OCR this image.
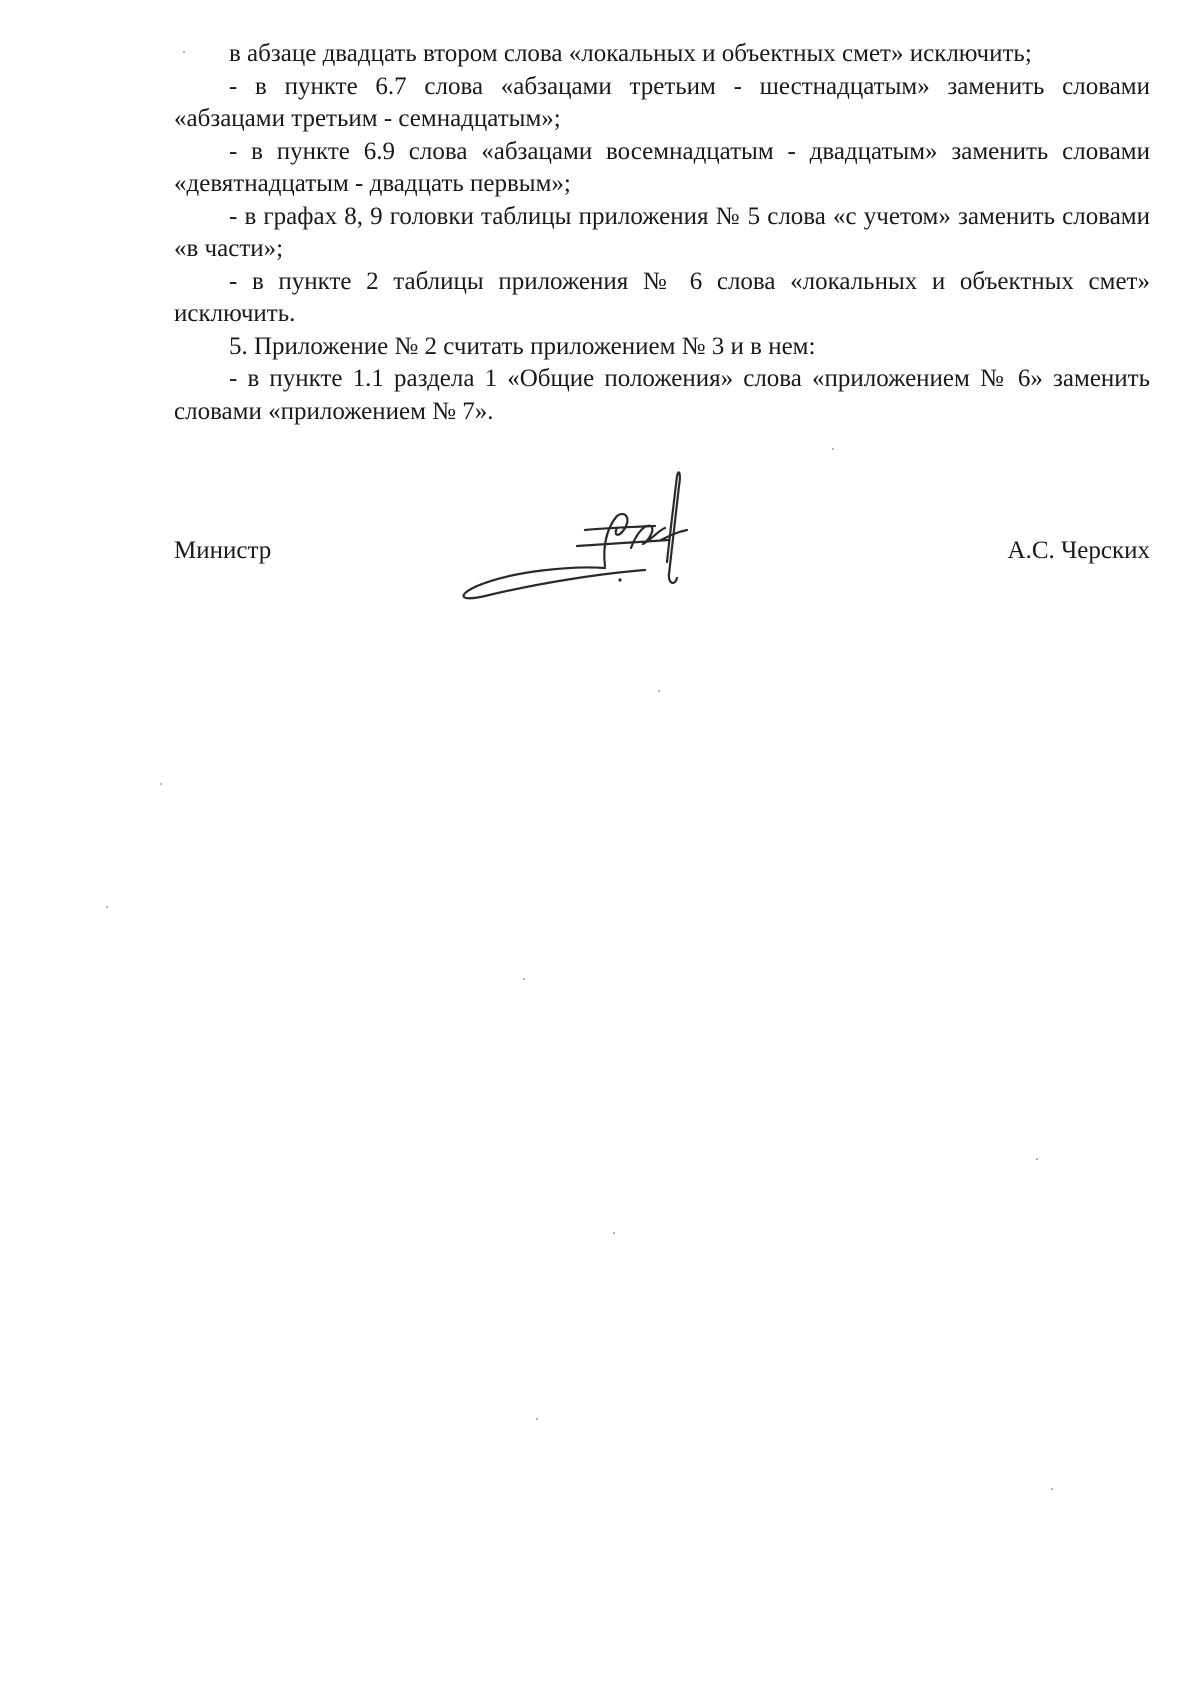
в абзаце двадцать втором слова «локальных и объектных смет» исключить;

- в пункте 6.7 слова «абзацами третьим - шестнадцатым» заменить словами «абзацами третьим - семнадцатым»;

- в пункте 6.9 слова «абзацами восемнадцатым - двадцатым» заменить словами «девятнадцатым - двадцать первым»;

- в графах 8, 9 головки таблицы приложения № 5 слова «с учетом» заменить словами «в части»;

- в пункте 2 таблицы приложения № 6 слова «локальных и объектных смет» исключить.

5. Приложение № 2 считать приложением № 3 и в нем:

- в пункте 1.1 раздела 1 «Общие положения» слова «приложением № 6» заменить словами «приложением № 7».

Министр	А.С. Черских
